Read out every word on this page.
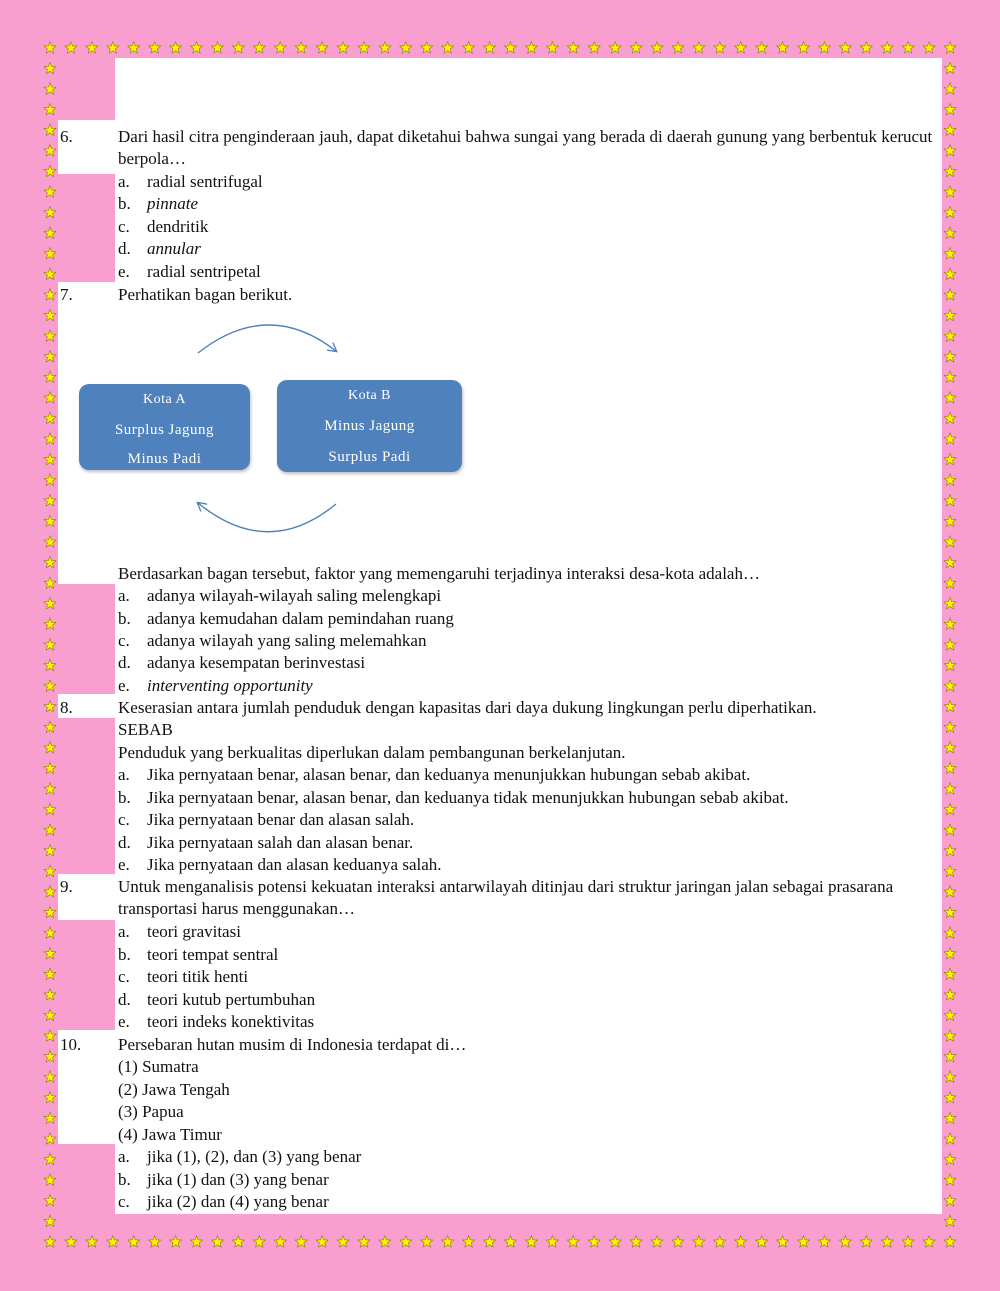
6.	Dari hasil citra penginderaan jauh, dapat diketahui bahwa sungai yang berada di daerah gunung yang berbentuk kerucut berpola…
a. radial sentrifugal
b. pinnate
c. dendritik
d. annular
e. radial sentripetal
7.	Perhatikan bagan berikut.
Kota A
Surplus Jagung
Minus Padi
Kota B
Minus Jagung
Surplus Padi
Berdasarkan bagan tersebut, faktor yang memengaruhi terjadinya interaksi desa-kota adalah…
a. adanya wilayah-wilayah saling melengkapi
b. adanya kemudahan dalam pemindahan ruang
c. adanya wilayah yang saling melemahkan
d. adanya kesempatan berinvestasi
e. interventing opportunity
8.	Keserasian antara jumlah penduduk dengan kapasitas dari daya dukung lingkungan perlu diperhatikan.
SEBAB
Penduduk yang berkualitas diperlukan dalam pembangunan berkelanjutan.
a. Jika pernyataan benar, alasan benar, dan keduanya menunjukkan hubungan sebab akibat.
b. Jika pernyataan benar, alasan benar, dan keduanya tidak menunjukkan hubungan sebab akibat.
c. Jika pernyataan benar dan alasan salah.
d. Jika pernyataan salah dan alasan benar.
e. Jika pernyataan dan alasan keduanya salah.
9.	Untuk menganalisis potensi kekuatan interaksi antarwilayah ditinjau dari struktur jaringan jalan sebagai prasarana transportasi harus menggunakan…
a. teori gravitasi
b. teori tempat sentral
c. teori titik henti
d. teori kutub pertumbuhan
e. teori indeks konektivitas
10. Persebaran hutan musim di Indonesia terdapat di…
(1) Sumatra
(2) Jawa Tengah
(3) Papua
(4) Jawa Timur
a. jika (1), (2), dan (3) yang benar
b. jika (1) dan (3) yang benar
c. jika (2) dan (4) yang benar
